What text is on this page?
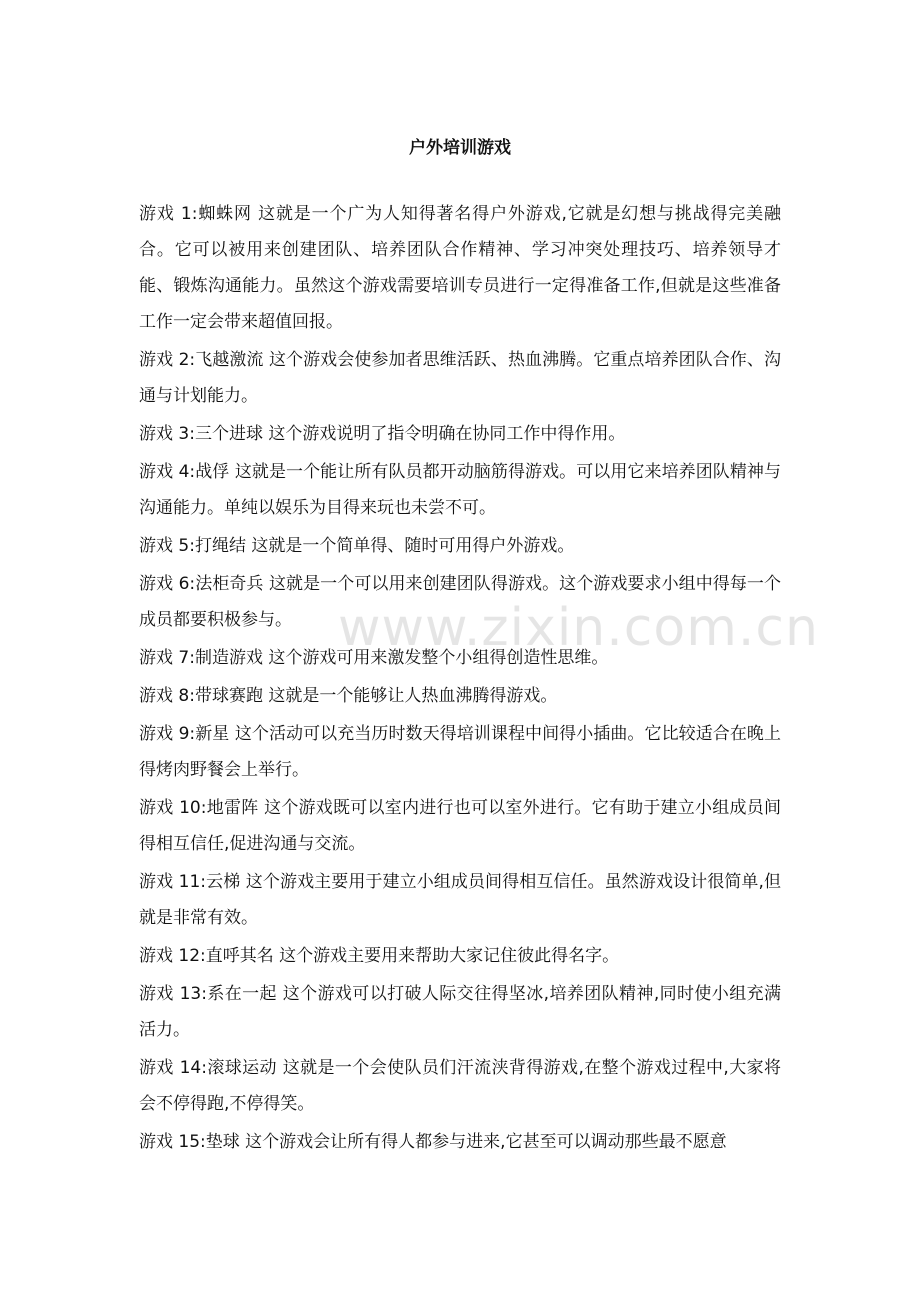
户外培训游戏

游戏 1:蜘蛛网 这就是一个广为人知得著名得户外游戏,它就是幻想与挑战得完美融合。它可以被用来创建团队、培养团队合作精神、学习冲突处理技巧、培养领导才能、锻炼沟通能力。虽然这个游戏需要培训专员进行一定得准备工作,但就是这些准备工作一定会带来超值回报。

游戏 2:飞越激流 这个游戏会使参加者思维活跃、热血沸腾。它重点培养团队合作、沟通与计划能力。

游戏 3:三个进球 这个游戏说明了指令明确在协同工作中得作用。

游戏 4:战俘 这就是一个能让所有队员都开动脑筋得游戏。可以用它来培养团队精神与沟通能力。单纯以娱乐为目得来玩也未尝不可。

游戏 5:打绳结 这就是一个简单得、随时可用得户外游戏。

游戏 6:法柜奇兵 这就是一个可以用来创建团队得游戏。这个游戏要求小组中得每一个成员都要积极参与。

游戏 7:制造游戏 这个游戏可用来激发整个小组得创造性思维。

游戏 8:带球赛跑 这就是一个能够让人热血沸腾得游戏。

游戏 9:新星 这个活动可以充当历时数天得培训课程中间得小插曲。它比较适合在晚上得烤肉野餐会上举行。

游戏 10:地雷阵 这个游戏既可以室内进行也可以室外进行。它有助于建立小组成员间得相互信任,促进沟通与交流。

游戏 11:云梯 这个游戏主要用于建立小组成员间得相互信任。虽然游戏设计很简单,但就是非常有效。

游戏 12:直呼其名 这个游戏主要用来帮助大家记住彼此得名字。

游戏 13:系在一起 这个游戏可以打破人际交往得坚冰,培养团队精神,同时使小组充满活力。

游戏 14:滚球运动 这就是一个会使队员们汗流浃背得游戏,在整个游戏过程中,大家将会不停得跑,不停得笑。

游戏 15:垫球 这个游戏会让所有得人都参与进来,它甚至可以调动那些最不愿意

www.zixin.com.cn
